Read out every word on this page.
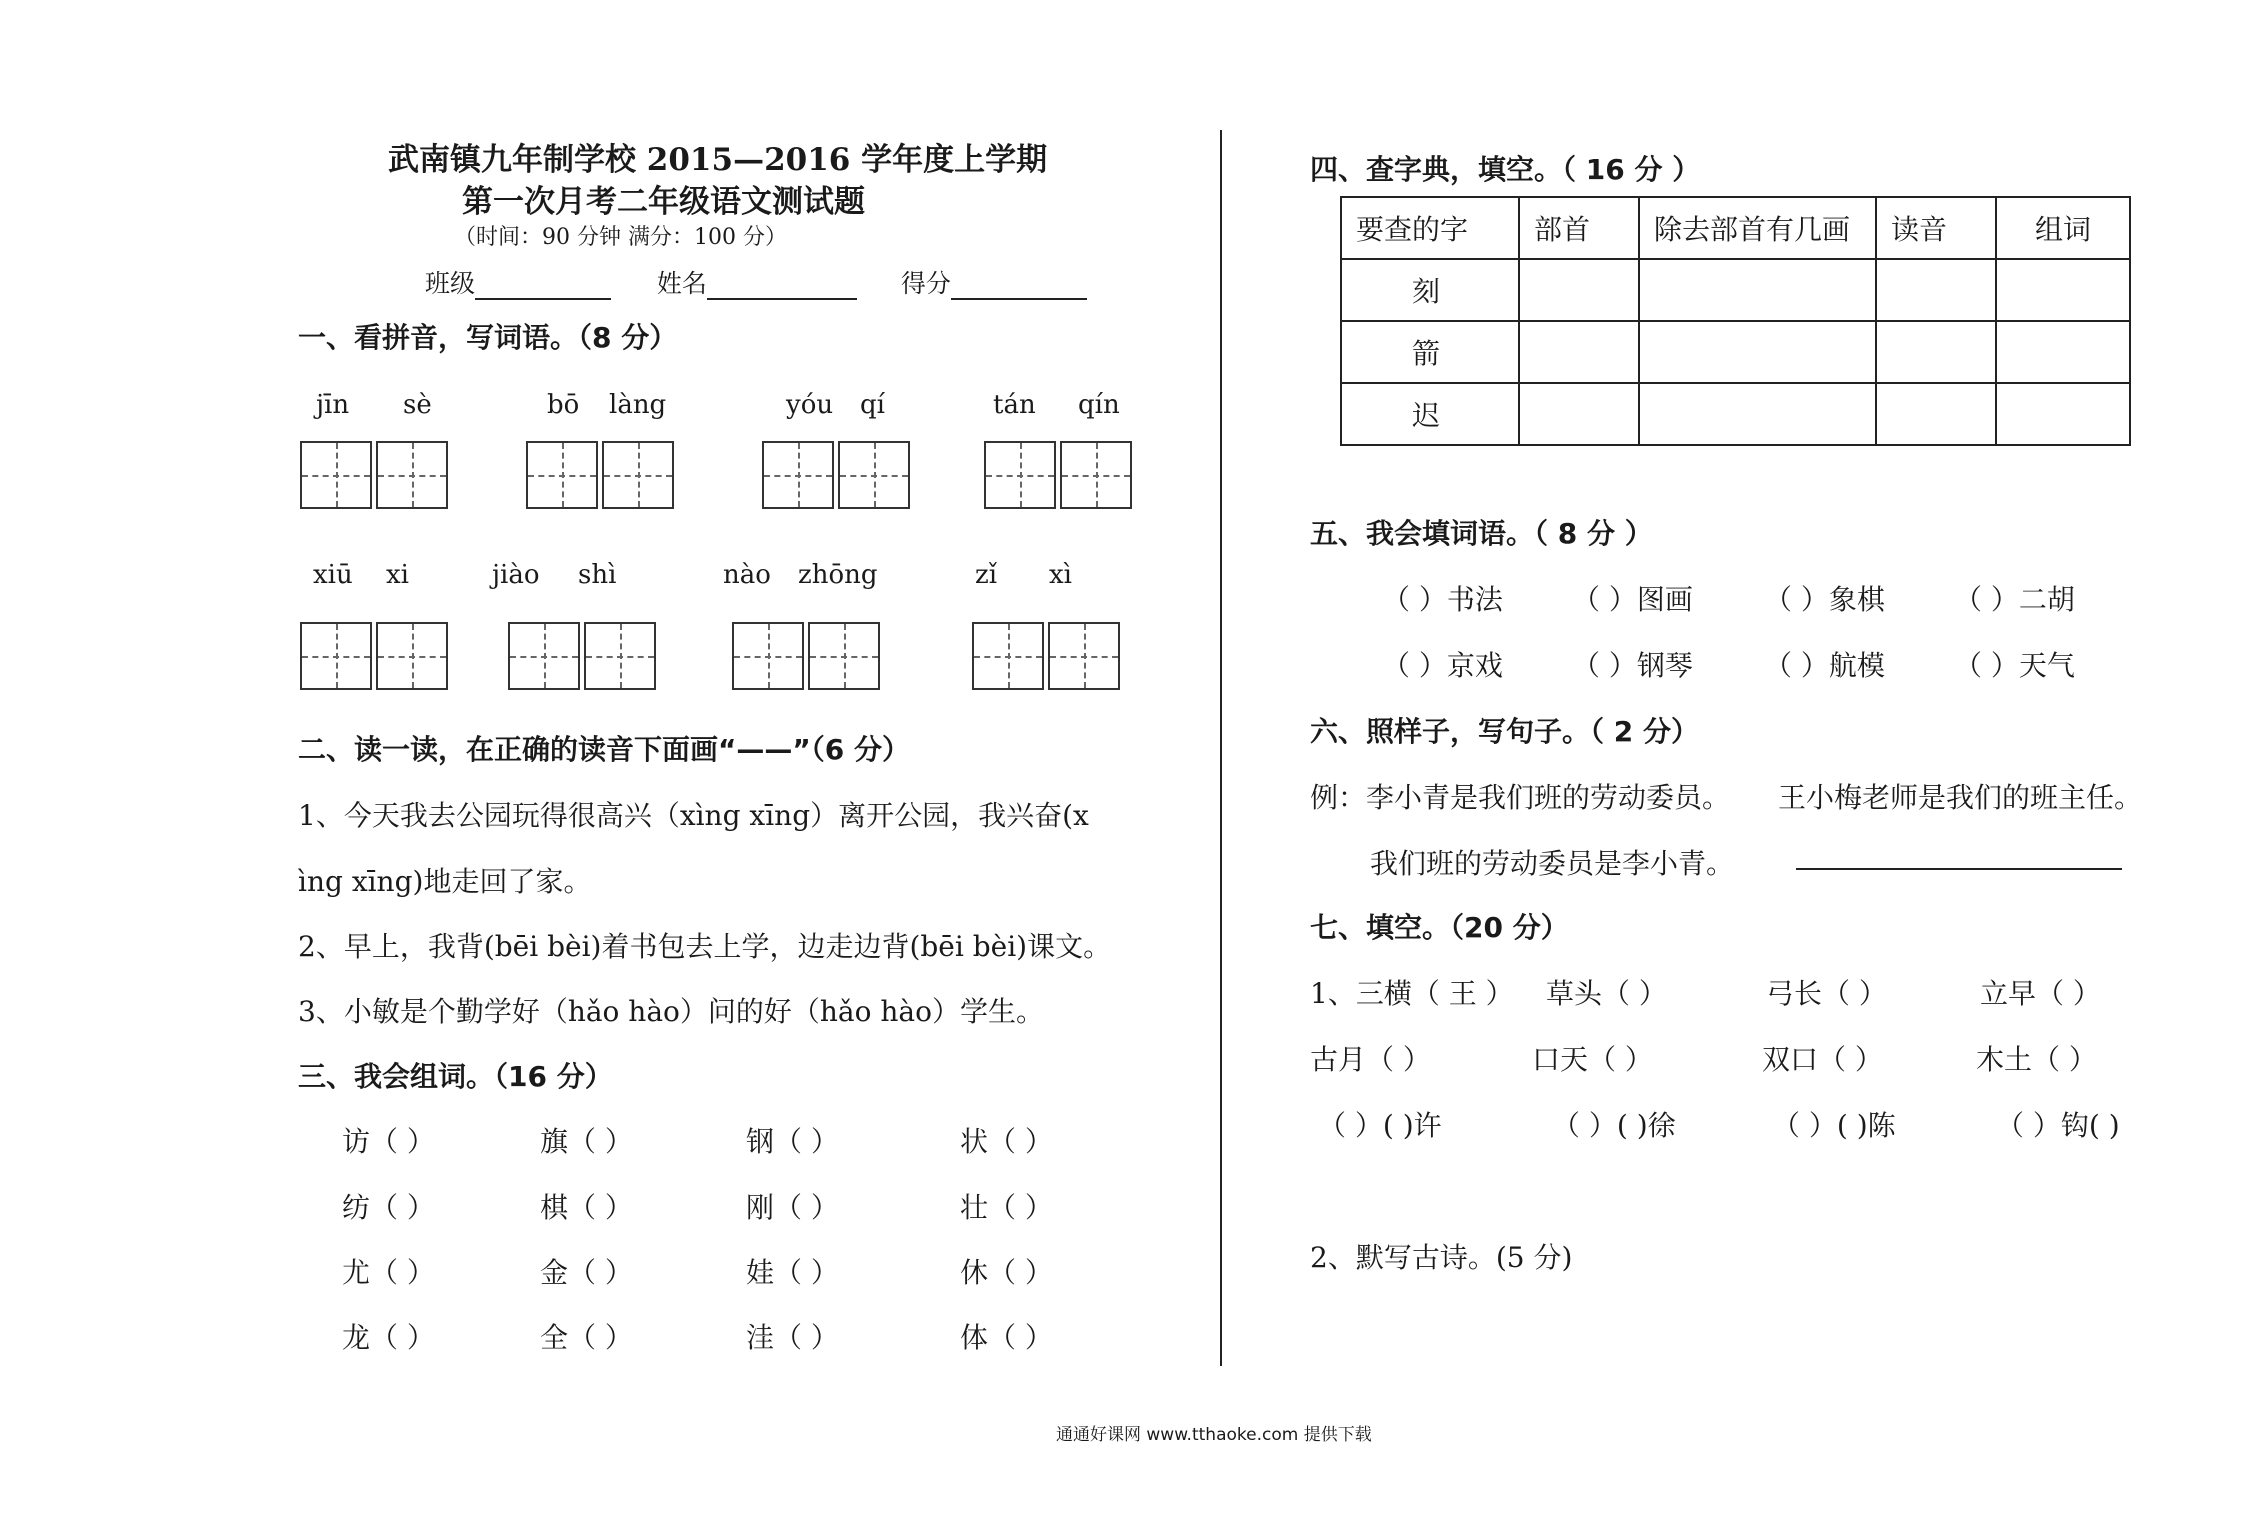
武南镇九年制学校 2015—2016 学年度上学期
第一次月考二年级语文测试题
（时间：90 分钟 满分：100 分）
班级	姓名	得分
一、看拼音，写词语。（8 分）
jīn sè	bō làng	yóu qí	tán qín
xiū xi	jiào shì	nào zhōng	zǐ xì
二、读一读，在正确的读音下面画“——”（6 分）
1、今天我去公园玩得很高兴（xìng xīng）离开公园，我兴奋(x
ìng xīng)地走回了家。
2、早上，我背(bēi bèi)着书包去上学，边走边背(bēi bèi)课文。
3、小敏是个勤学好（hǎo hào）问的好（hǎo hào）学生。
三、我会组词。（16 分）
访（ ）	旗（ ）	钢（ ）	状（ ）
纺（ ）	棋（ ）	刚（ ）	壮（ ）
尤（ ）	金（ ）	娃（ ）	休（ ）
龙（ ）	全（ ）	洼（ ）	体（ ）
四、查字典，填空。（ 16 分 ）
要查的字	部首	除去部首有几画	读音	组词
刻				
箭				
迟				
五、我会填词语。（ 8 分 ）
（ ）书法 （ ）图画	（ ）象棋 （ ）二胡
（ ）京戏 （ ）钢琴	（ ）航模 （ ）天气
六、照样子，写句子。（ 2 分）
例：李小青是我们班的劳动委员。 王小梅老师是我们的班主任。
我们班的劳动委员是李小青。
七、填空。（20 分）
1、三横（ 王 ） 草头（ ）	弓长（ ）	立早（ ）
古月（ ）	口天（ ）	双口（ ）	木土（ ）
（ ）( )许	（ ）( )徐	（ ）( )陈	（ ）钩( )
2、默写古诗。(5 分)
通通好课网 www.tthaoke.com 提供下载
